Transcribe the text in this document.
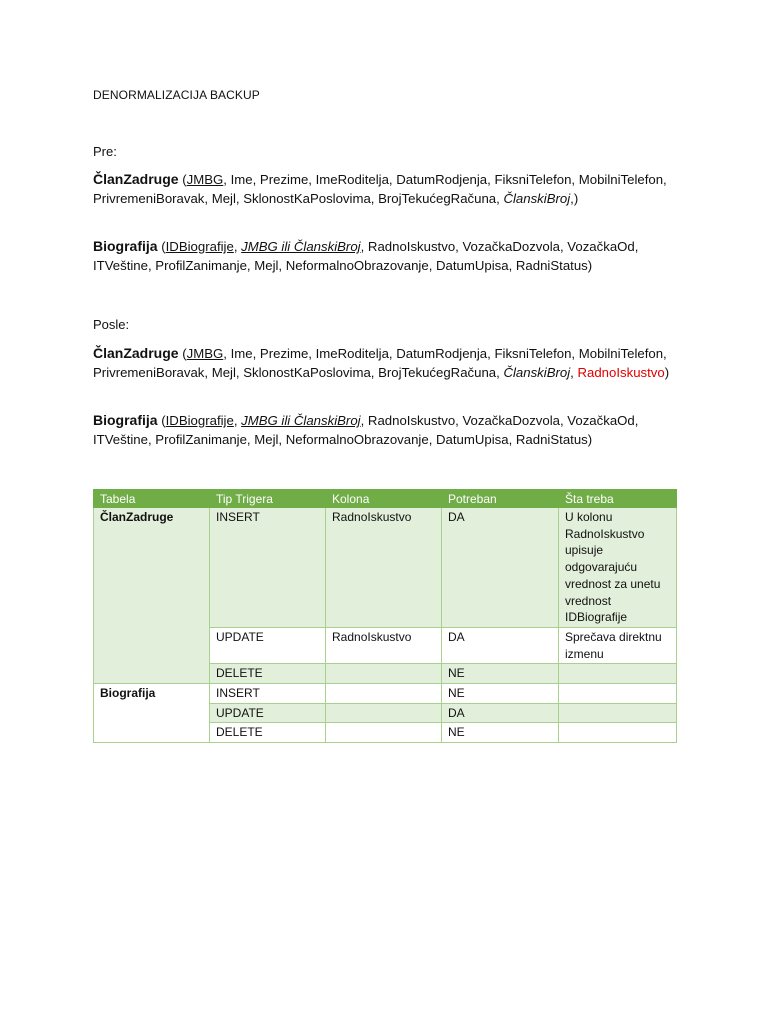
DENORMALIZACIJA BACKUP
Pre:
ČlanZadruge (JMBG, Ime, Prezime, ImeRoditelja, DatumRodjenja, FiksniTelefon, MobilniTelefon, PrivremeniBoravak, Mejl, SklonostKaPoslovima, BrojTekućegRačuna, ČlanskiBroj,)
Biografija (IDBiografije, JMBG ili ČlanskiBroj, RadnoIskustvo, VozačkaDozvola, VozačkaOd, ITVeštine, ProfilZanimanje, Mejl, NeformalnoObrazovanje, DatumUpisa, RadniStatus)
Posle:
ČlanZadruge (JMBG, Ime, Prezime, ImeRoditelja, DatumRodjenja, FiksniTelefon, MobilniTelefon, PrivremeniBoravak, Mejl, SklonostKaPoslovima, BrojTekućegRačuna, ČlanskiBroj, RadnoIskustvo)
Biografija (IDBiografije, JMBG ili ČlanskiBroj, RadnoIskustvo, VozačkaDozvola, VozačkaOd, ITVeštine, ProfilZanimanje, Mejl, NeformalnoObrazovanje, DatumUpisa, RadniStatus)
Tabela	Tip Trigera	Kolona	Potreban	Šta treba
ČlanZadruge	INSERT	RadnoIskustvo	DA	U kolonu RadnoIskustvo upisuje odgovarajuću vrednost za unetu vrednost IDBiografije
	UPDATE	RadnoIskustvo	DA	Sprečava direktnu izmenu
	DELETE		NE	
Biografija	INSERT		NE	
	UPDATE		DA	
	DELETE		NE	
